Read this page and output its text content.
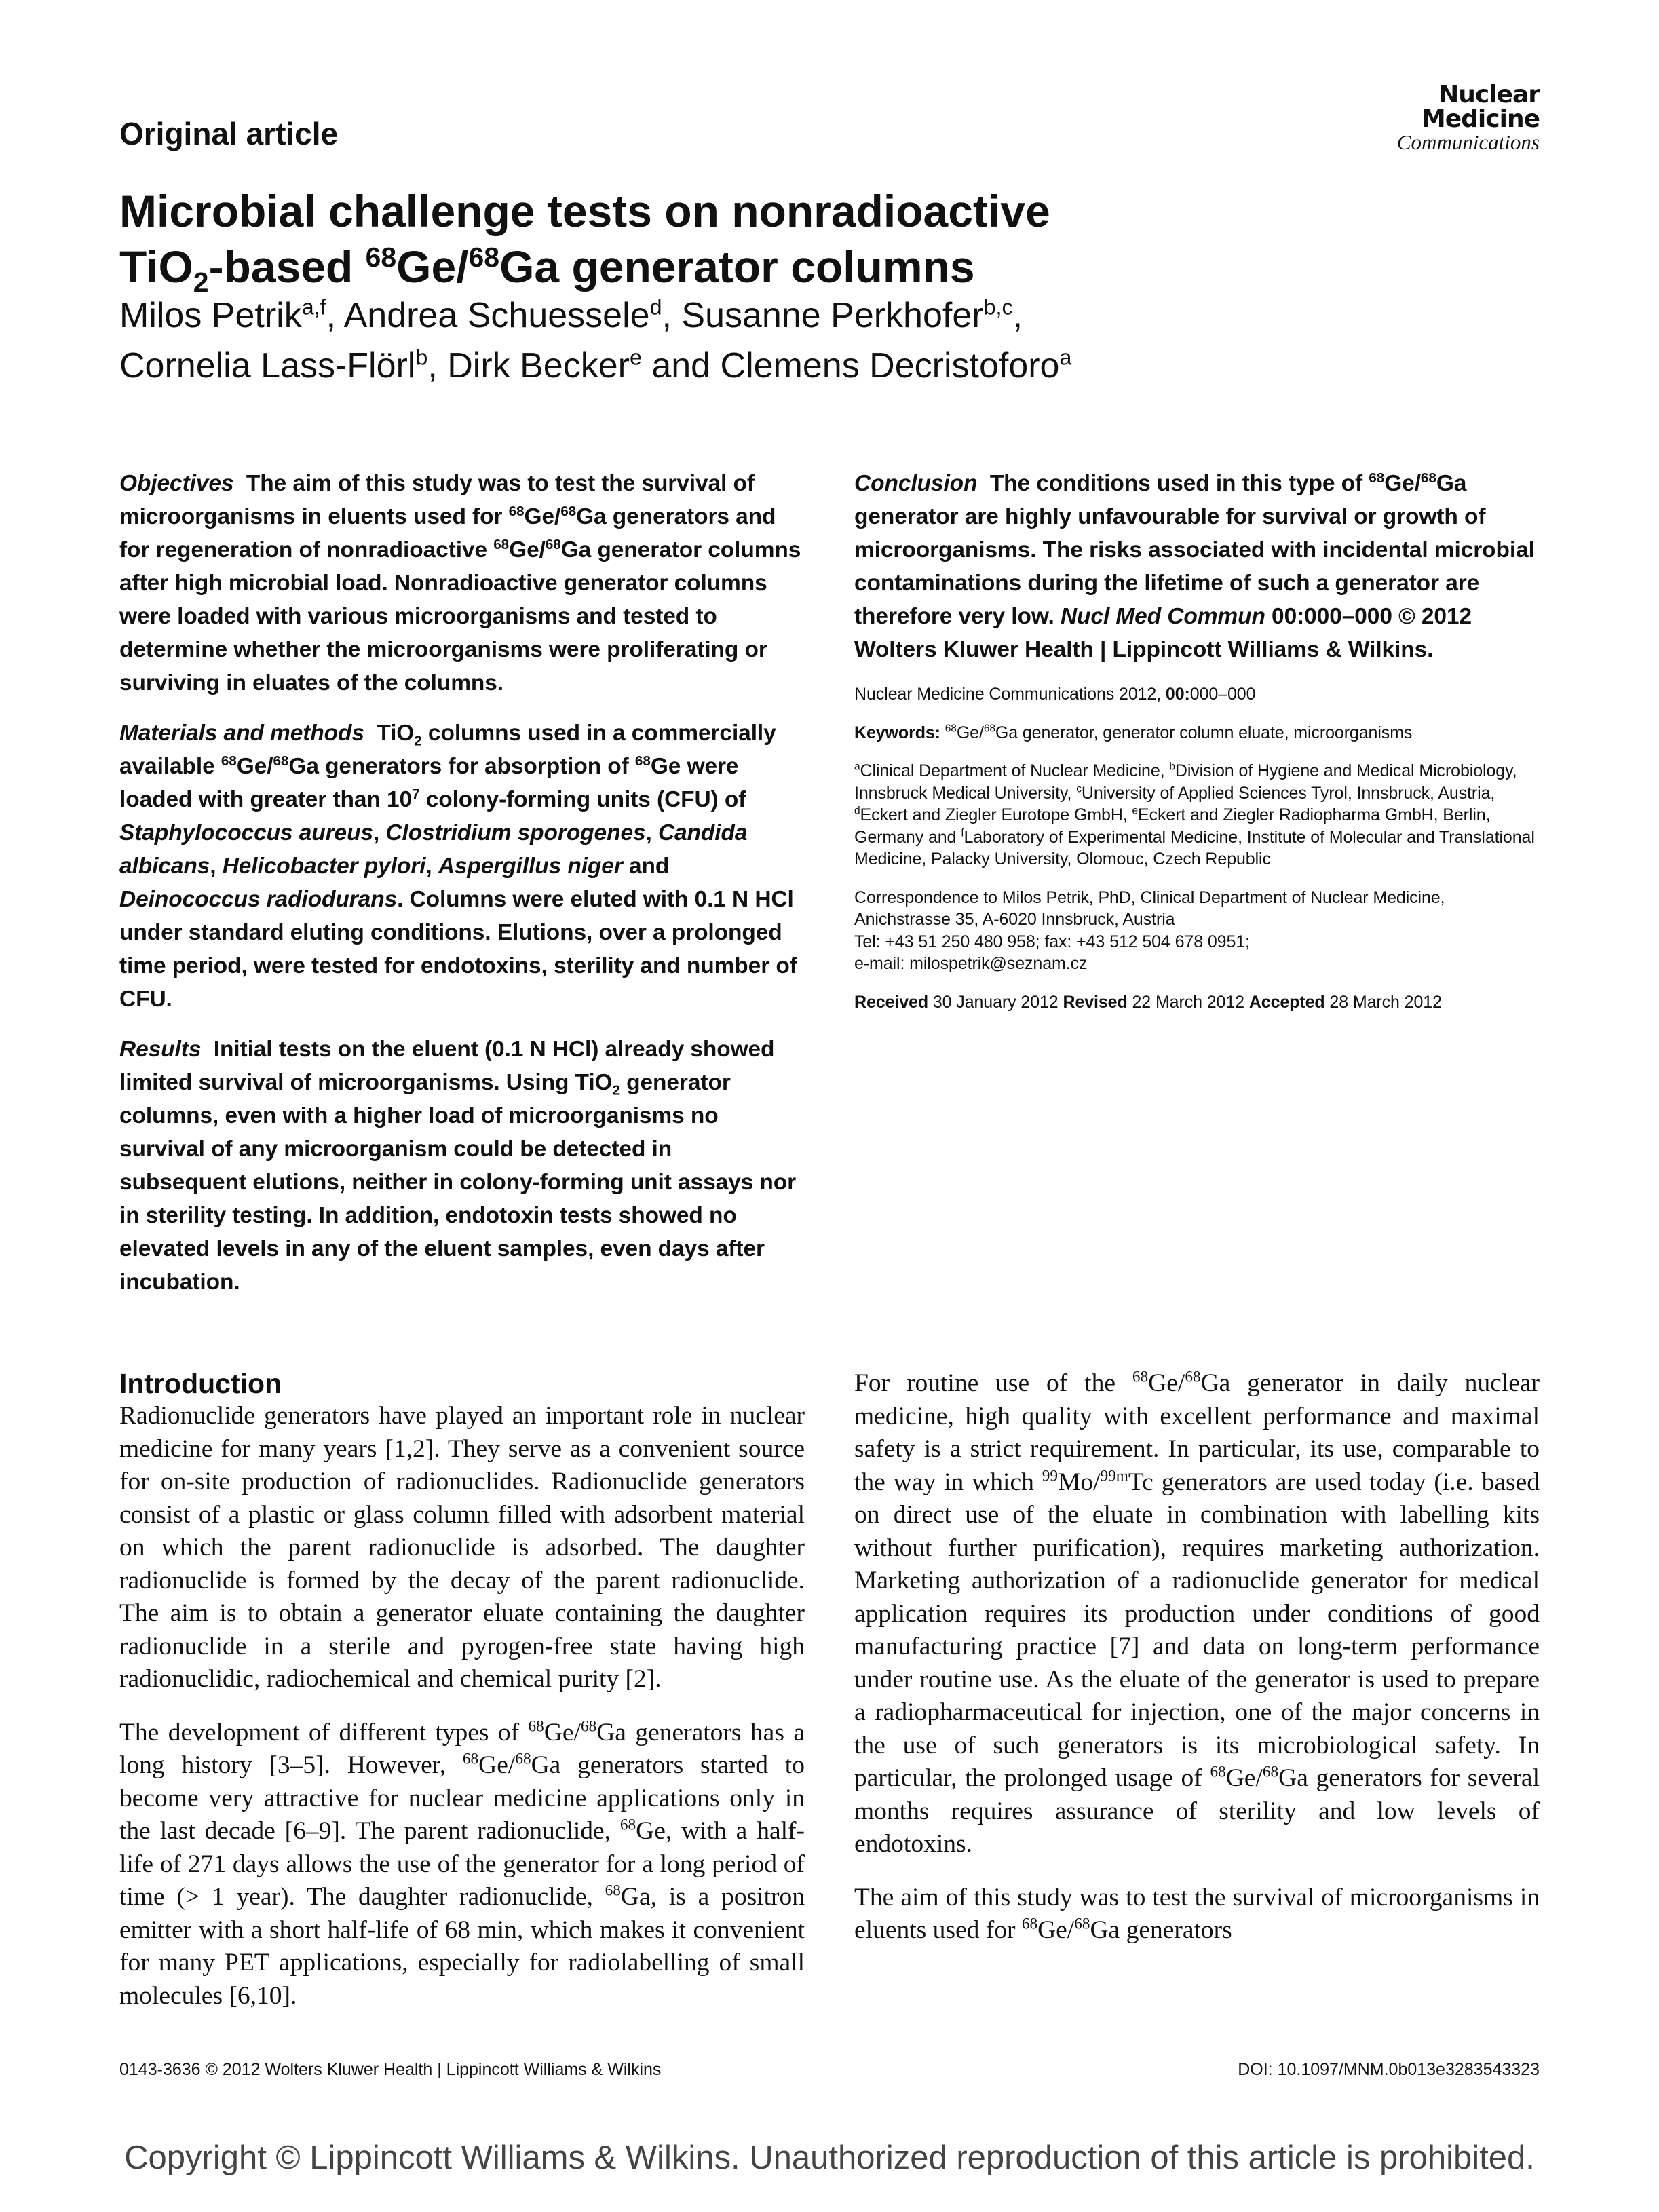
Original article
Nuclear
Medicine
Communications
Microbial challenge tests on nonradioactive
TiO$_2$-based $^{68}$Ge/$^{68}$Ga generator columns
Milos Petrik$^{a,f}$, Andrea Schuessele$^d$, Susanne Perkhofer$^{b,c}$,
Cornelia Lass-Flörl$^b$, Dirk Becker$^e$ and Clemens Decristoforo$^a$

Objectives The aim of this study was to test the survival of microorganisms in eluents used for $^{68}$Ge/$^{68}$Ga generators and for regeneration of nonradioactive $^{68}$Ge/$^{68}$Ga generator columns after high microbial load. Nonradioactive generator columns were loaded with various microorganisms and tested to determine whether the microorganisms were proliferating or surviving in eluates of the columns.

Materials and methods TiO$_2$ columns used in a commercially available $^{68}$Ge/$^{68}$Ga generators for absorption of $^{68}$Ge were loaded with greater than $10^7$ colony-forming units (CFU) of Staphylococcus aureus, Clostridium sporogenes, Candida albicans, Helicobacter pylori, Aspergillus niger and Deinococcus radiodurans. Columns were eluted with 0.1 N HCl under standard eluting conditions. Elutions, over a prolonged time period, were tested for endotoxins, sterility and number of CFU.

Results Initial tests on the eluent (0.1 N HCl) already showed limited survival of microorganisms. Using TiO$_2$ generator columns, even with a higher load of microorganisms no survival of any microorganism could be detected in subsequent elutions, neither in colony-forming unit assays nor in sterility testing. In addition, endotoxin tests showed no elevated levels in any of the eluent samples, even days after incubation.

Conclusion The conditions used in this type of $^{68}$Ge/$^{68}$Ga generator are highly unfavourable for survival or growth of microorganisms. The risks associated with incidental microbial contaminations during the lifetime of such a generator are therefore very low. Nucl Med Commun 00:000–000 © 2012 Wolters Kluwer Health | Lippincott Williams & Wilkins.

Nuclear Medicine Communications 2012, 00:000–000

Keywords: $^{68}$Ge/$^{68}$Ga generator, generator column eluate, microorganisms

$^a$Clinical Department of Nuclear Medicine, $^b$Division of Hygiene and Medical Microbiology, Innsbruck Medical University, $^c$University of Applied Sciences Tyrol, Innsbruck, Austria, $^d$Eckert and Ziegler Eurotope GmbH, $^e$Eckert and Ziegler Radiopharma GmbH, Berlin, Germany and $^f$Laboratory of Experimental Medicine, Institute of Molecular and Translational Medicine, Palacky University, Olomouc, Czech Republic

Correspondence to Milos Petrik, PhD, Clinical Department of Nuclear Medicine, Anichstrasse 35, A-6020 Innsbruck, Austria
Tel: +43 51 250 480 958; fax: +43 512 504 678 0951;
e-mail: milospetrik@seznam.cz

Received 30 January 2012 Revised 22 March 2012 Accepted 28 March 2012

Introduction

Radionuclide generators have played an important role in nuclear medicine for many years [1,2]. They serve as a convenient source for on-site production of radionuclides. Radionuclide generators consist of a plastic or glass column filled with adsorbent material on which the parent radionuclide is adsorbed. The daughter radionuclide is formed by the decay of the parent radionuclide. The aim is to obtain a generator eluate containing the daughter radionuclide in a sterile and pyrogen-free state having high radionuclidic, radiochemical and chemical purity [2].

The development of different types of $^{68}$Ge/$^{68}$Ga generators has a long history [3–5]. However, $^{68}$Ge/$^{68}$Ga generators started to become very attractive for nuclear medicine applications only in the last decade [6–9]. The parent radionuclide, $^{68}$Ge, with a half-life of 271 days allows the use of the generator for a long period of time (> 1 year). The daughter radionuclide, $^{68}$Ga, is a positron emitter with a short half-life of 68 min, which makes it convenient for many PET applications, especially for radiolabelling of small molecules [6,10].

For routine use of the $^{68}$Ge/$^{68}$Ga generator in daily nuclear medicine, high quality with excellent performance and maximal safety is a strict requirement. In particular, its use, comparable to the way in which $^{99}$Mo/$^{99m}$Tc generators are used today (i.e. based on direct use of the eluate in combination with labelling kits without further purification), requires marketing authorization. Marketing authorization of a radionuclide generator for medical application requires its production under conditions of good manufacturing practice [7] and data on long-term performance under routine use. As the eluate of the generator is used to prepare a radiopharmaceutical for injection, one of the major concerns in the use of such generators is its microbiological safety. In particular, the prolonged usage of $^{68}$Ge/$^{68}$Ga generators for several months requires assurance of sterility and low levels of endotoxins.

The aim of this study was to test the survival of microorganisms in eluents used for $^{68}$Ge/$^{68}$Ga generators

0143-3636 © 2012 Wolters Kluwer Health | Lippincott Williams & Wilkins	DOI: 10.1097/MNM.0b013e3283543323
Copyright © Lippincott Williams & Wilkins. Unauthorized reproduction of this article is prohibited.
